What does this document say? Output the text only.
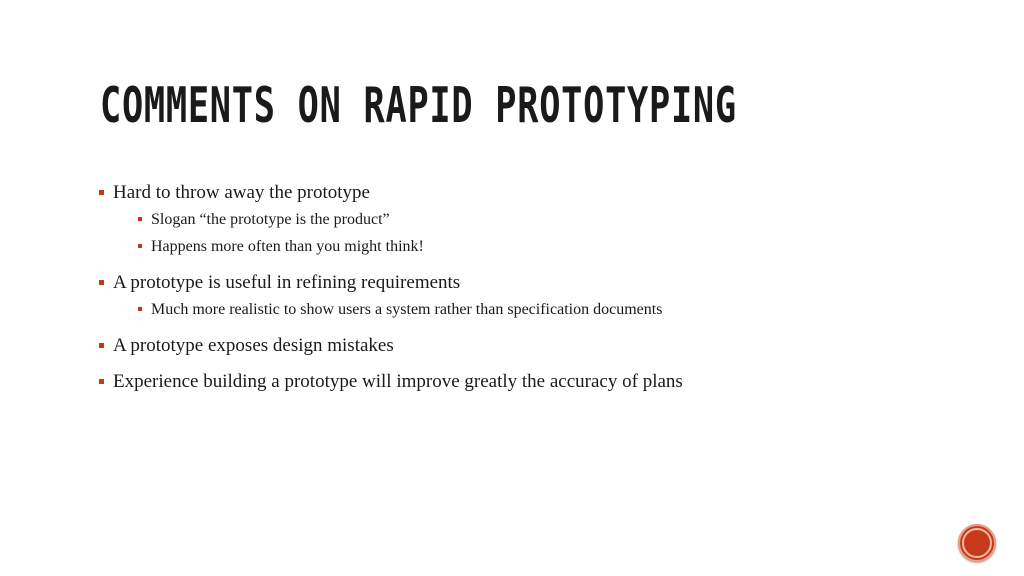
COMMENTS ON RAPID PROTOTYPING
Hard to throw away the prototype
Slogan “the prototype is the product”
Happens more often than you might think!
A prototype is useful in refining requirements
Much more realistic to show users a system rather than specification documents
A prototype exposes design mistakes
Experience building a prototype will improve greatly the accuracy of plans
